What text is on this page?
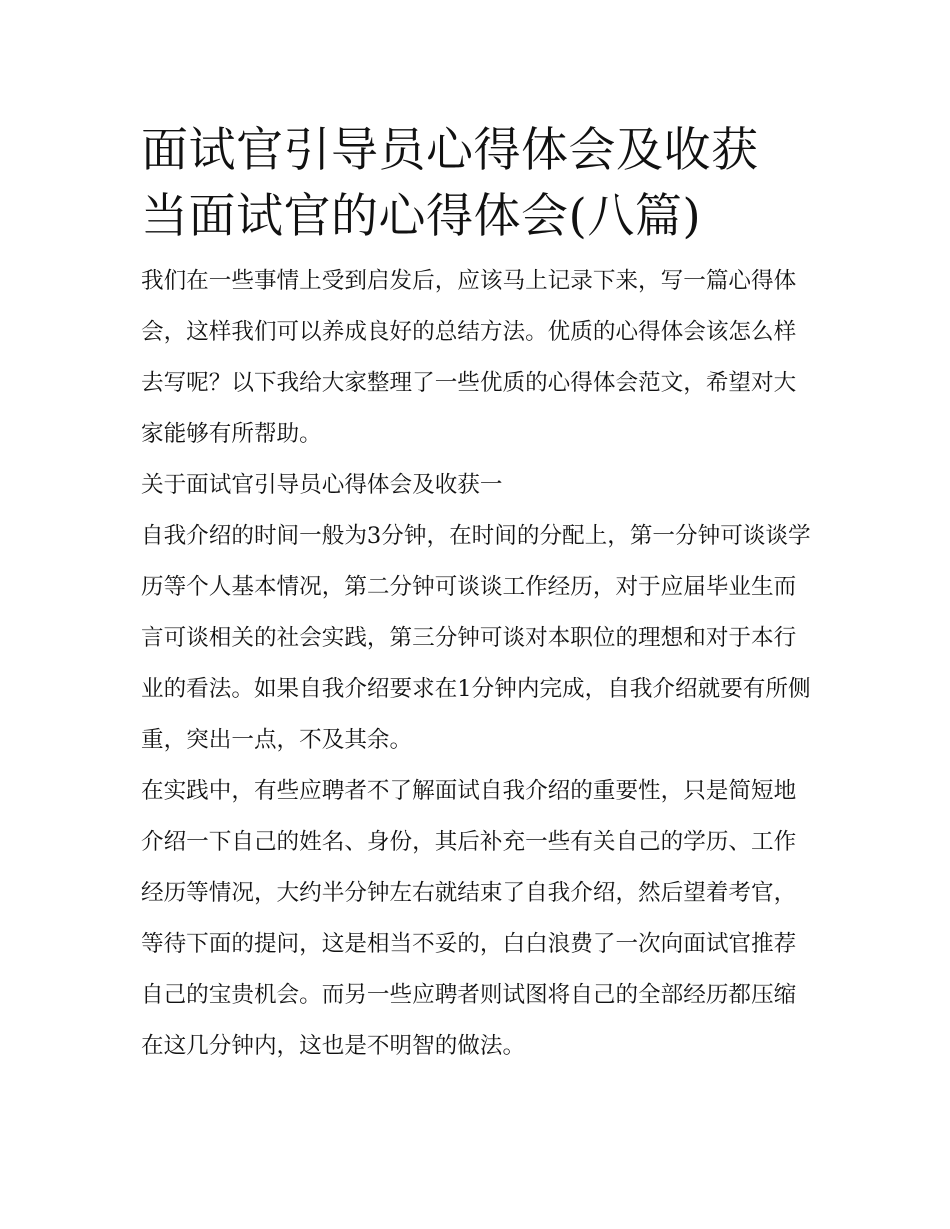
面试官引导员心得体会及收获
当面试官的心得体会(八篇)

我们在一些事情上受到启发后，应该马上记录下来，写一篇心得体会，这样我们可以养成良好的总结方法。优质的心得体会该怎么样去写呢？以下我给大家整理了一些优质的心得体会范文，希望对大家能够有所帮助。

关于面试官引导员心得体会及收获一

自我介绍的时间一般为3分钟，在时间的分配上，第一分钟可谈谈学历等个人基本情况，第二分钟可谈谈工作经历，对于应届毕业生而言可谈相关的社会实践，第三分钟可谈对本职位的理想和对于本行业的看法。如果自我介绍要求在1分钟内完成，自我介绍就要有所侧重，突出一点，不及其余。

在实践中，有些应聘者不了解面试自我介绍的重要性，只是简短地介绍一下自己的姓名、身份，其后补充一些有关自己的学历、工作经历等情况，大约半分钟左右就结束了自我介绍，然后望着考官，等待下面的提问，这是相当不妥的，白白浪费了一次向面试官推荐自己的宝贵机会。而另一些应聘者则试图将自己的全部经历都压缩在这几分钟内，这也是不明智的做法。
